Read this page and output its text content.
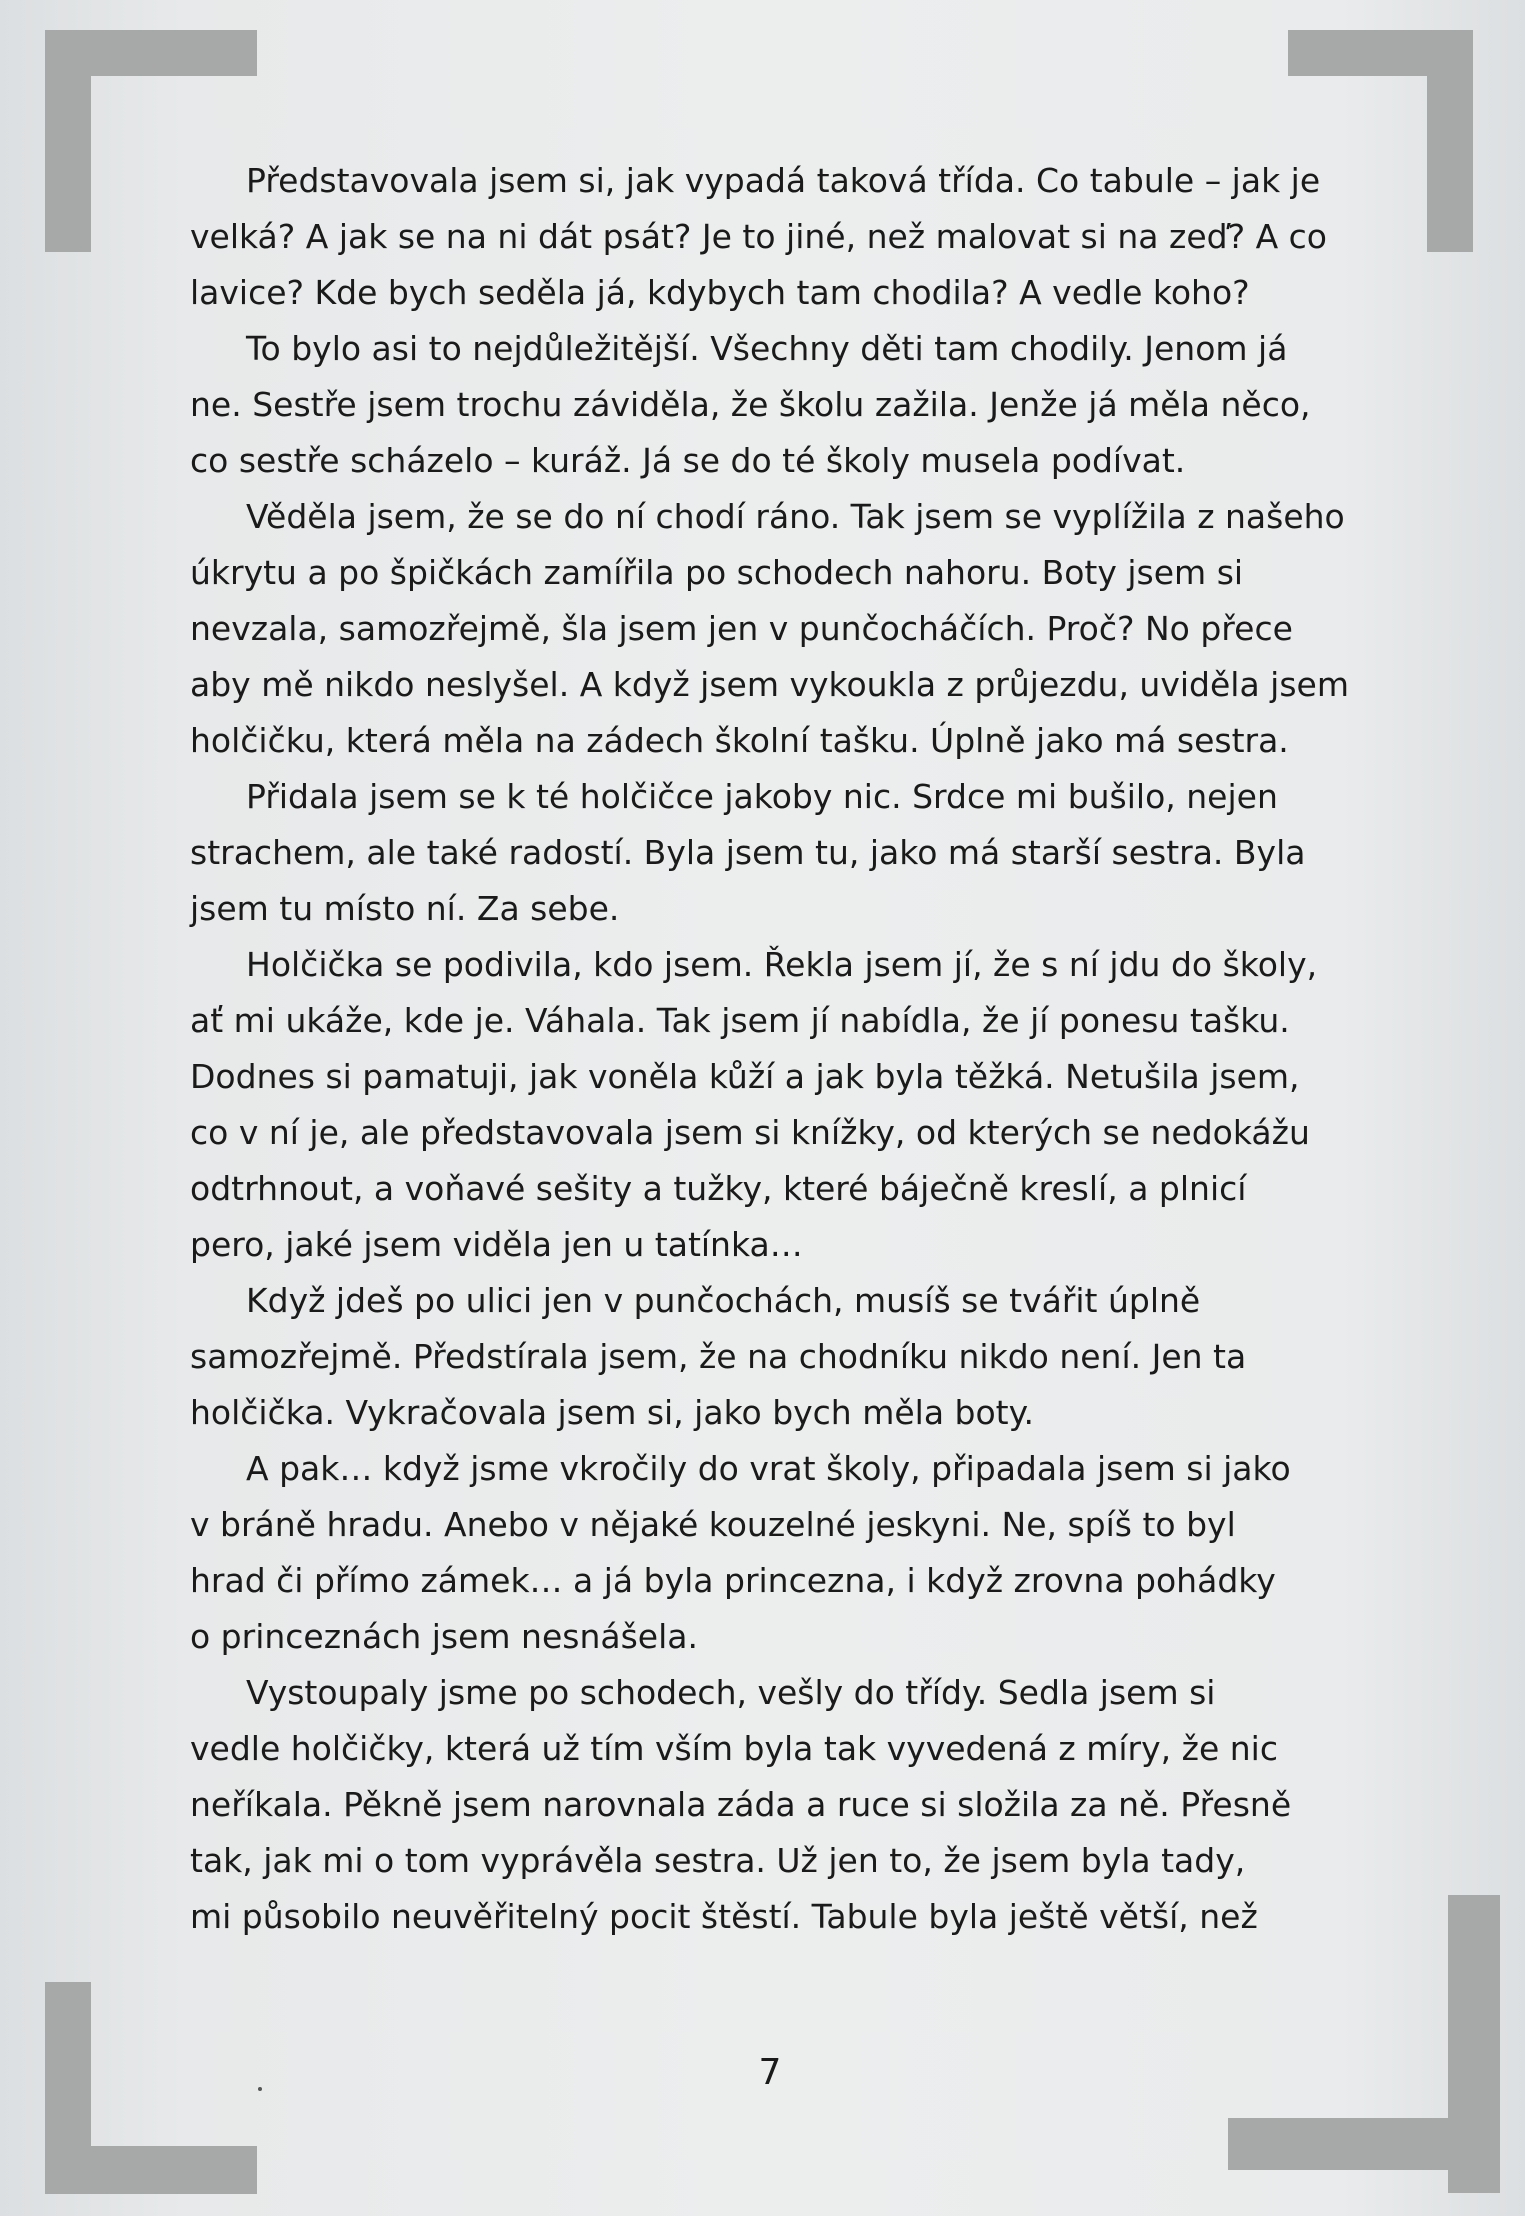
Představovala jsem si, jak vypadá taková třída. Co tabule – jak je
velká? A jak se na ni dát psát? Je to jiné, než malovat si na zeď? A co
lavice? Kde bych seděla já, kdybych tam chodila? A vedle koho?
To bylo asi to nejdůležitější. Všechny děti tam chodily. Jenom já
ne. Sestře jsem trochu záviděla, že školu zažila. Jenže já měla něco,
co sestře scházelo – kuráž. Já se do té školy musela podívat.
Věděla jsem, že se do ní chodí ráno. Tak jsem se vyplížila z našeho
úkrytu a po špičkách zamířila po schodech nahoru. Boty jsem si
nevzala, samozřejmě, šla jsem jen v punčocháčích. Proč? No přece
aby mě nikdo neslyšel. A když jsem vykoukla z průjezdu, uviděla jsem
holčičku, která měla na zádech školní tašku. Úplně jako má sestra.
Přidala jsem se k té holčičce jakoby nic. Srdce mi bušilo, nejen
strachem, ale také radostí. Byla jsem tu, jako má starší sestra. Byla
jsem tu místo ní. Za sebe.
Holčička se podivila, kdo jsem. Řekla jsem jí, že s ní jdu do školy,
ať mi ukáže, kde je. Váhala. Tak jsem jí nabídla, že jí ponesu tašku.
Dodnes si pamatuji, jak voněla kůží a jak byla těžká. Netušila jsem,
co v ní je, ale představovala jsem si knížky, od kterých se nedokážu
odtrhnout, a voňavé sešity a tužky, které báječně kreslí, a plnicí
pero, jaké jsem viděla jen u tatínka…
Když jdeš po ulici jen v punčochách, musíš se tvářit úplně
samozřejmě. Předstírala jsem, že na chodníku nikdo není. Jen ta
holčička. Vykračovala jsem si, jako bych měla boty.
A pak… když jsme vkročily do vrat školy, připadala jsem si jako
v bráně hradu. Anebo v nějaké kouzelné jeskyni. Ne, spíš to byl
hrad či přímo zámek… a já byla princezna, i když zrovna pohádky
o princeznách jsem nesnášela.
Vystoupaly jsme po schodech, vešly do třídy. Sedla jsem si
vedle holčičky, která už tím vším byla tak vyvedená z míry, že nic
neříkala. Pěkně jsem narovnala záda a ruce si složila za ně. Přesně
tak, jak mi o tom vyprávěla sestra. Už jen to, že jsem byla tady,
mi působilo neuvěřitelný pocit štěstí. Tabule byla ještě větší, než
7
